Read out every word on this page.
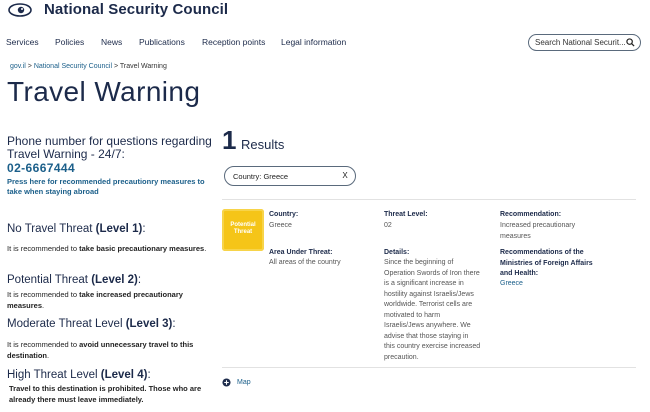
National Security Council
Services Policies News Publications Reception points Legal information	Search National Securit...
gov.il > National Security Council > Travel Warning
Travel Warning
Phone number for questions regarding Travel Warning - 24/7:
02-6667444
Press here for recommended precautionry measures to take when staying abroad
No Travel Threat (Level 1):
It is recommended to take basic precautionary measures.
Potential Threat (Level 2):
It is recommended to take increased precautionary measures.
Moderate Threat Level (Level 3):
It is recommended to avoid unnecessary travel to this destination.
High Threat Level (Level 4):
Travel to this destination is prohibited. Those who are already there must leave immediately.
1 Results
Country: Greece	X
Potential Threat
Country:
Greece
Area Under Threat:
All areas of the country
Threat Level:
02
Details:
Since the beginning of
Operation Swords of Iron there
is a significant increase in
hostility against Israelis/Jews
worldwide. Terrorist cells are
motivated to harm
Israelis/Jews anywhere. We
advise that those staying in
this country exercise increased
precaution.
Recommendation:
Increased precautionary
measures
Recommendations of the
Ministries of Foreign Affairs
and Health:
Greece
Map
